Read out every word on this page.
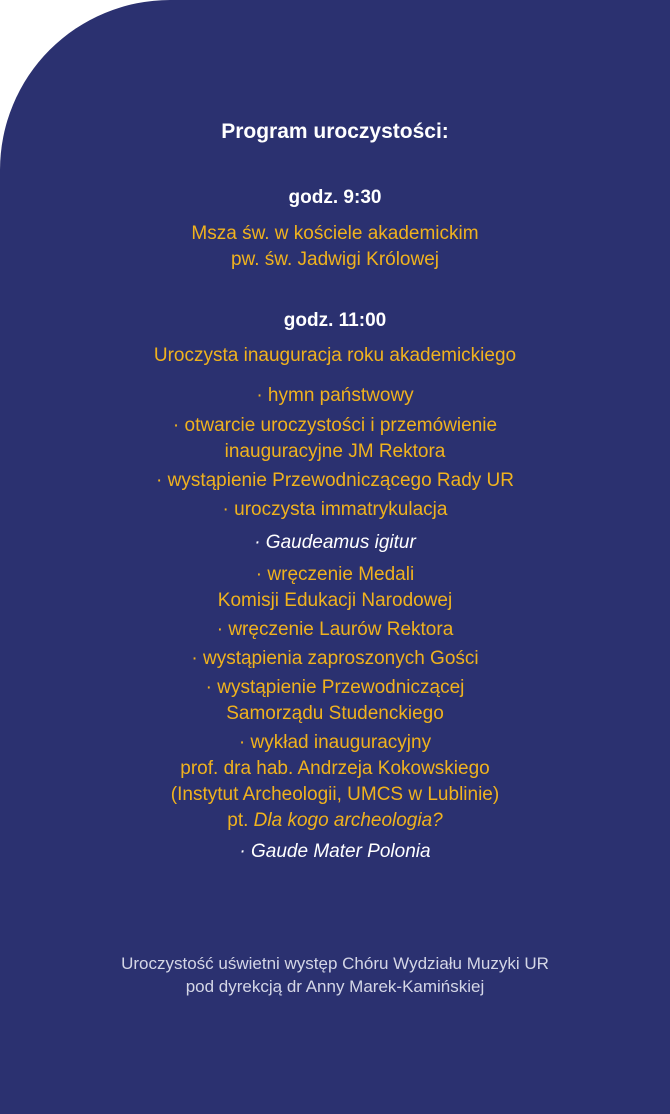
Program uroczystości:
godz. 9:30
Msza św. w kościele akademickim
pw. św. Jadwigi Królowej
godz. 11:00
Uroczysta inauguracja roku akademickiego
· hymn państwowy
· otwarcie uroczystości i przemówienie
inauguracyjne JM Rektora
· wystąpienie Przewodniczącego Rady UR
· uroczysta immatrykulacja
· Gaudeamus igitur
· wręczenie Medali
Komisji Edukacji Narodowej
· wręczenie Laurów Rektora
· wystąpienia zaproszonych Gości
· wystąpienie Przewodniczącej
Samorządu Studenckiego
· wykład inauguracyjny
prof. dra hab. Andrzeja Kokowskiego
(Instytut Archeologii, UMCS w Lublinie)
pt. Dla kogo archeologia?
· Gaude Mater Polonia
Uroczystość uświetni występ Chóru Wydziału Muzyki UR
pod dyrekcją dr Anny Marek-Kamińskiej
